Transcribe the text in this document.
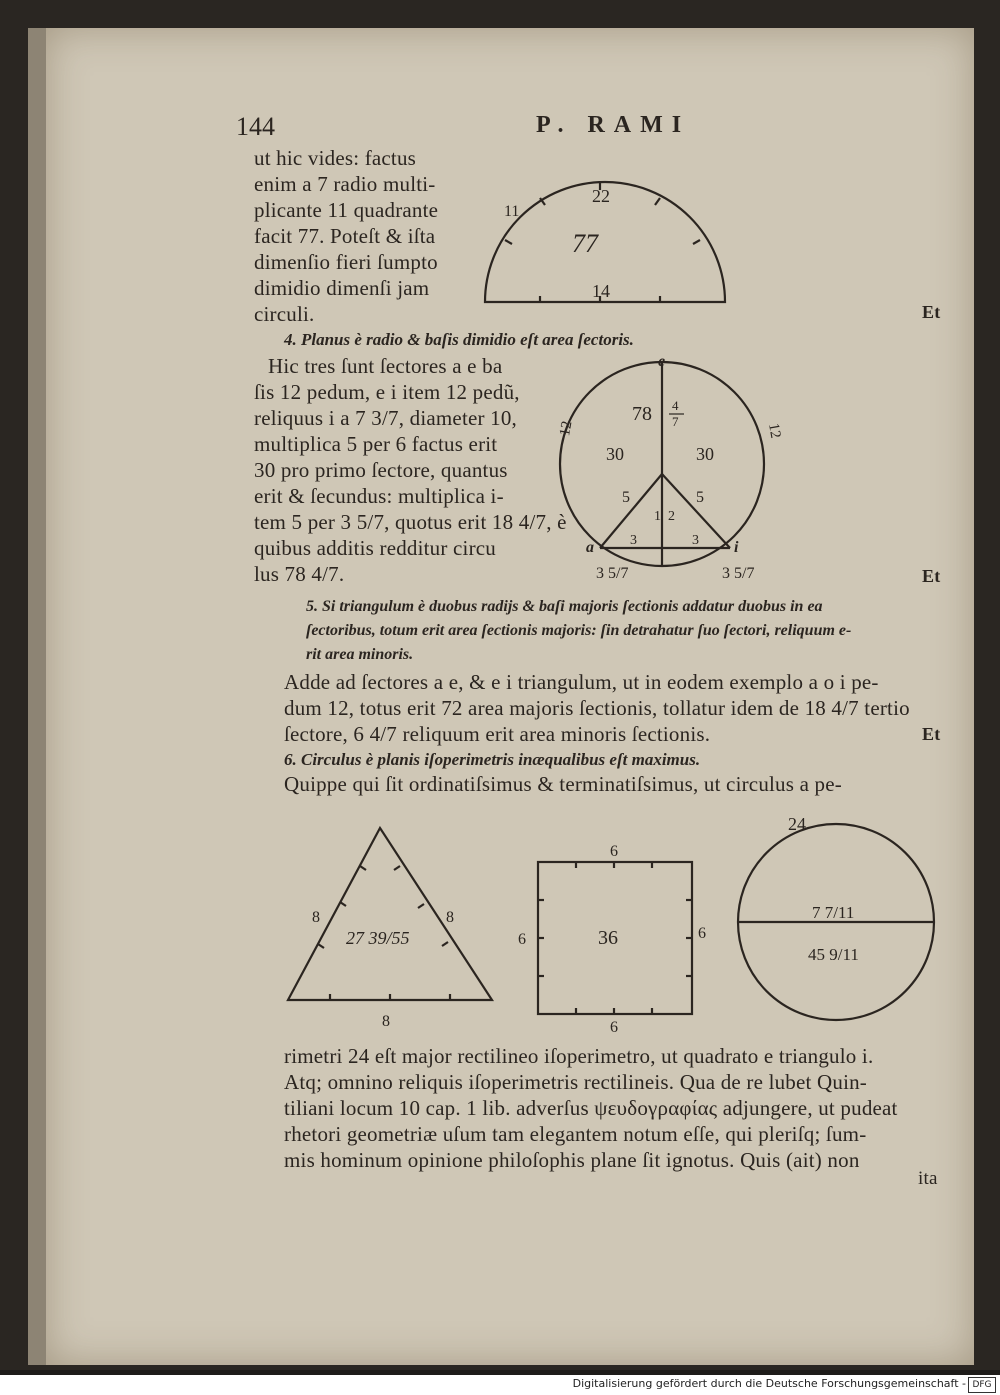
144	P. RAMI
ut hic vides: factus
enim a 7 radio multi-
plicante 11 quadrante
facit 77. Poteſt & iſta
dimenſio fieri ſumpto
dimidio dimenſi jam
circuli.	Et
4. Planus è radio & baſis dimidio eſt area ſectoris.
Hic tres ſunt ſectores a e ba
ſis 12 pedum, e i item 12 pedũ,
reliquus i a 7 3/7, diameter 10,
multiplica 5 per 6 factus erit
30 pro primo ſectore, quantus
erit & ſecundus: multiplica i-
tem 5 per 3 5/7, quotus erit 18 4/7, è
quibus additis redditur circu
lus 78 4/7.	Et
5. Si triangulum è duobus radijs & baſi majoris ſectionis addatur duobus in ea
ſectoribus, totum erit area ſectionis majoris: ſin detrahatur ſuo ſectori, reliquum e-
rit area minoris.
Adde ad ſectores a e, & e i triangulum, ut in eodem exemplo a o i pe-
dum 12, totus erit 72 area majoris ſectionis, tollatur idem de 18 4/7 tertio
ſectore, 6 4/7 reliquum erit area minoris ſectionis.	Et
6. Circulus è planis iſoperimetris inæqualibus eſt maximus.
Quippe qui ſit ordinatiſsimus & terminatiſsimus, ut circulus a pe-
rimetri 24 eſt major rectilineo iſoperimetro, ut quadrato e triangulo i.
Atq; omnino reliquis iſoperimetris rectilineis. Qua de re lubet Quin-
tiliani locum 10 cap. 1 lib. adverſus ψευδογραφίας adjungere, ut pudeat
rhetori geometriæ uſum tam elegantem notum eſſe, qui pleriſq; ſum-
mis hominum opinione philoſophis plane ſit ignotus. Quis (ait) non
ita
22
77
14
11
e
a	i
78 4
7
30	30
5	5
1 2
3	3
12	12
3 5/7	3 5/7
8	8
8
27 39/55
6
6
6	6
36
24
7 7/11
45 9/11
Digitalisierung gefördert durch die Deutsche Forschungsgemeinschaft - DFG
